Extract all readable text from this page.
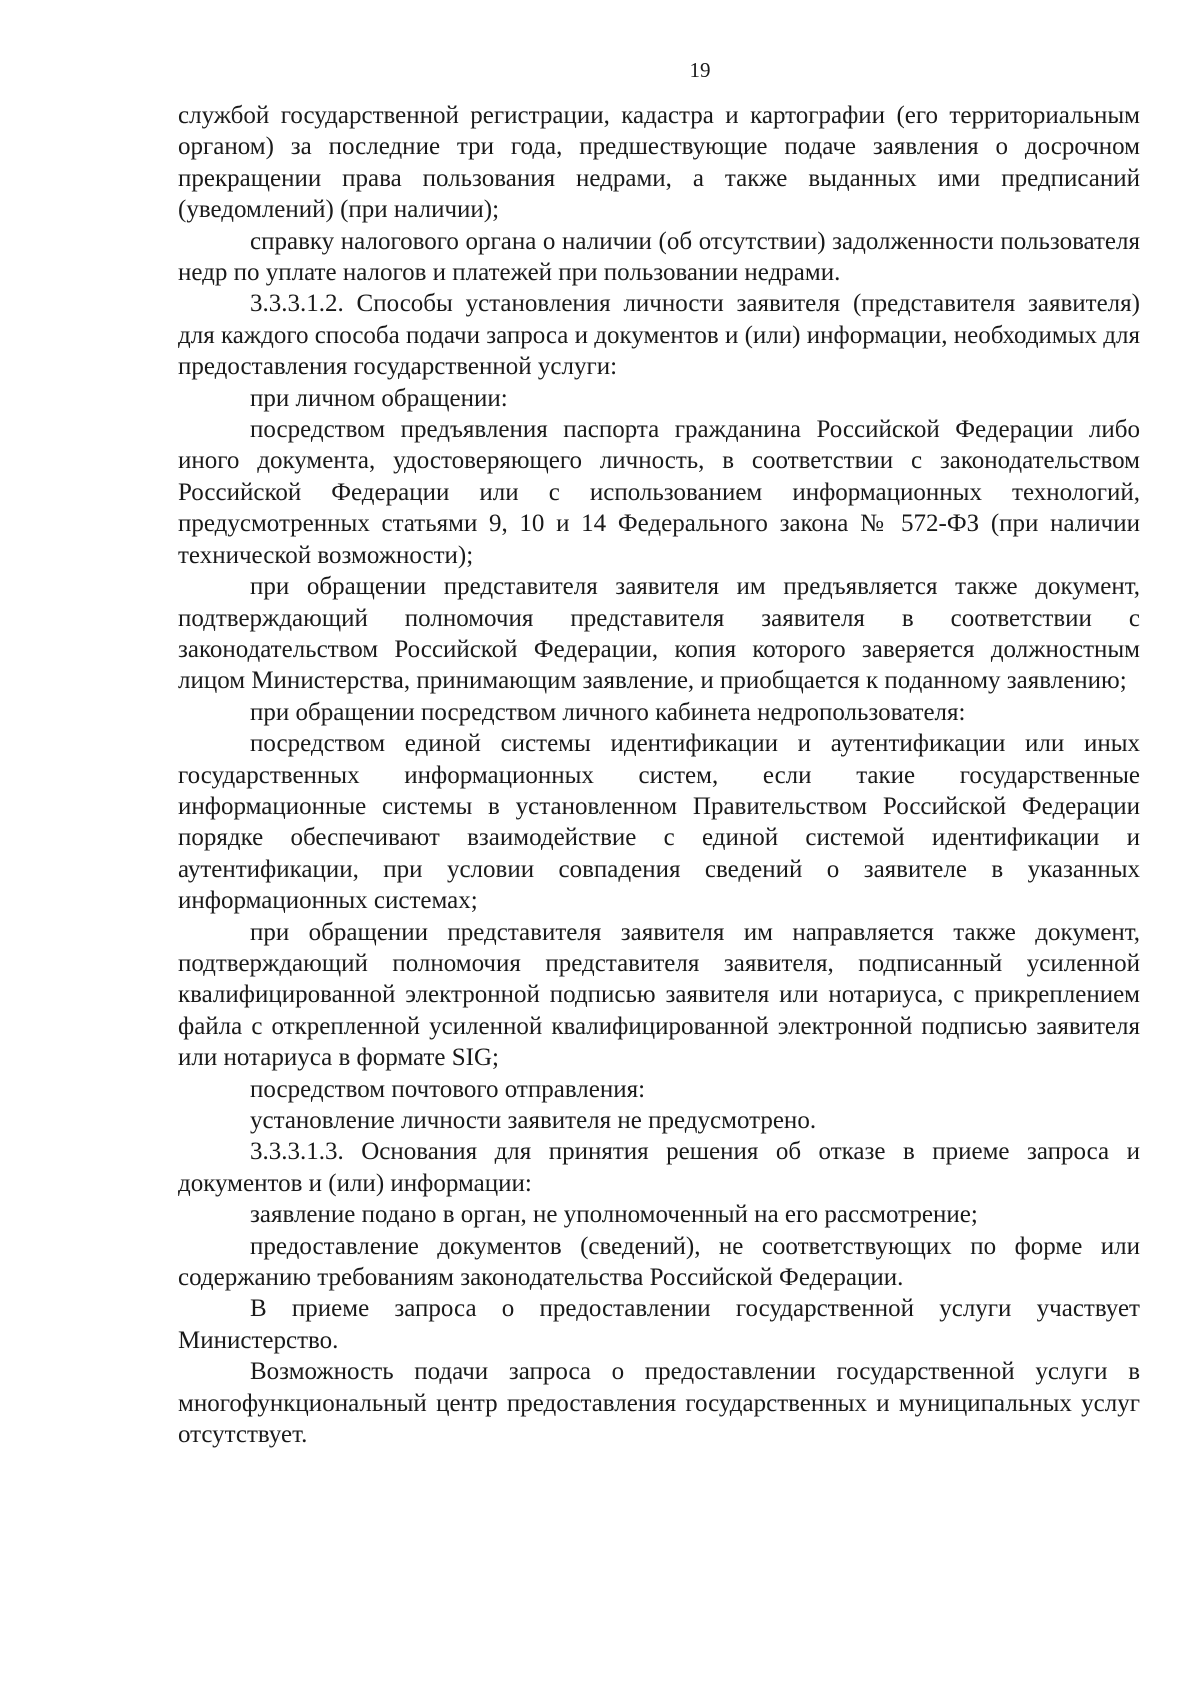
19

службой государственной регистрации, кадастра и картографии (его территориальным органом) за последние три года, предшествующие подаче заявления о досрочном прекращении права пользования недрами, а также выданных ими предписаний (уведомлений) (при наличии);

справку налогового органа о наличии (об отсутствии) задолженности пользователя недр по уплате налогов и платежей при пользовании недрами.

3.3.3.1.2. Способы установления личности заявителя (представителя заявителя) для каждого способа подачи запроса и документов и (или) информации, необходимых для предоставления государственной услуги:

при личном обращении:

посредством предъявления паспорта гражданина Российской Федерации либо иного документа, удостоверяющего личность, в соответствии с законодательством Российской Федерации или с использованием информационных технологий, предусмотренных статьями 9, 10 и 14 Федерального закона № 572-ФЗ (при наличии технической возможности);

при обращении представителя заявителя им предъявляется также документ, подтверждающий полномочия представителя заявителя в соответствии с законодательством Российской Федерации, копия которого заверяется должностным лицом Министерства, принимающим заявление, и приобщается к поданному заявлению;

при обращении посредством личного кабинета недропользователя:

посредством единой системы идентификации и аутентификации или иных государственных информационных систем, если такие государственные информационные системы в установленном Правительством Российской Федерации порядке обеспечивают взаимодействие с единой системой идентификации и аутентификации, при условии совпадения сведений о заявителе в указанных информационных системах;

при обращении представителя заявителя им направляется также документ, подтверждающий полномочия представителя заявителя, подписанный усиленной квалифицированной электронной подписью заявителя или нотариуса, с прикреплением файла с открепленной усиленной квалифицированной электронной подписью заявителя или нотариуса в формате SIG;

посредством почтового отправления:

установление личности заявителя не предусмотрено.

3.3.3.1.3. Основания для принятия решения об отказе в приеме запроса и документов и (или) информации:

заявление подано в орган, не уполномоченный на его рассмотрение;

предоставление документов (сведений), не соответствующих по форме или содержанию требованиям законодательства Российской Федерации.

В приеме запроса о предоставлении государственной услуги участвует Министерство.

Возможность подачи запроса о предоставлении государственной услуги в многофункциональный центр предоставления государственных и муниципальных услуг отсутствует.
